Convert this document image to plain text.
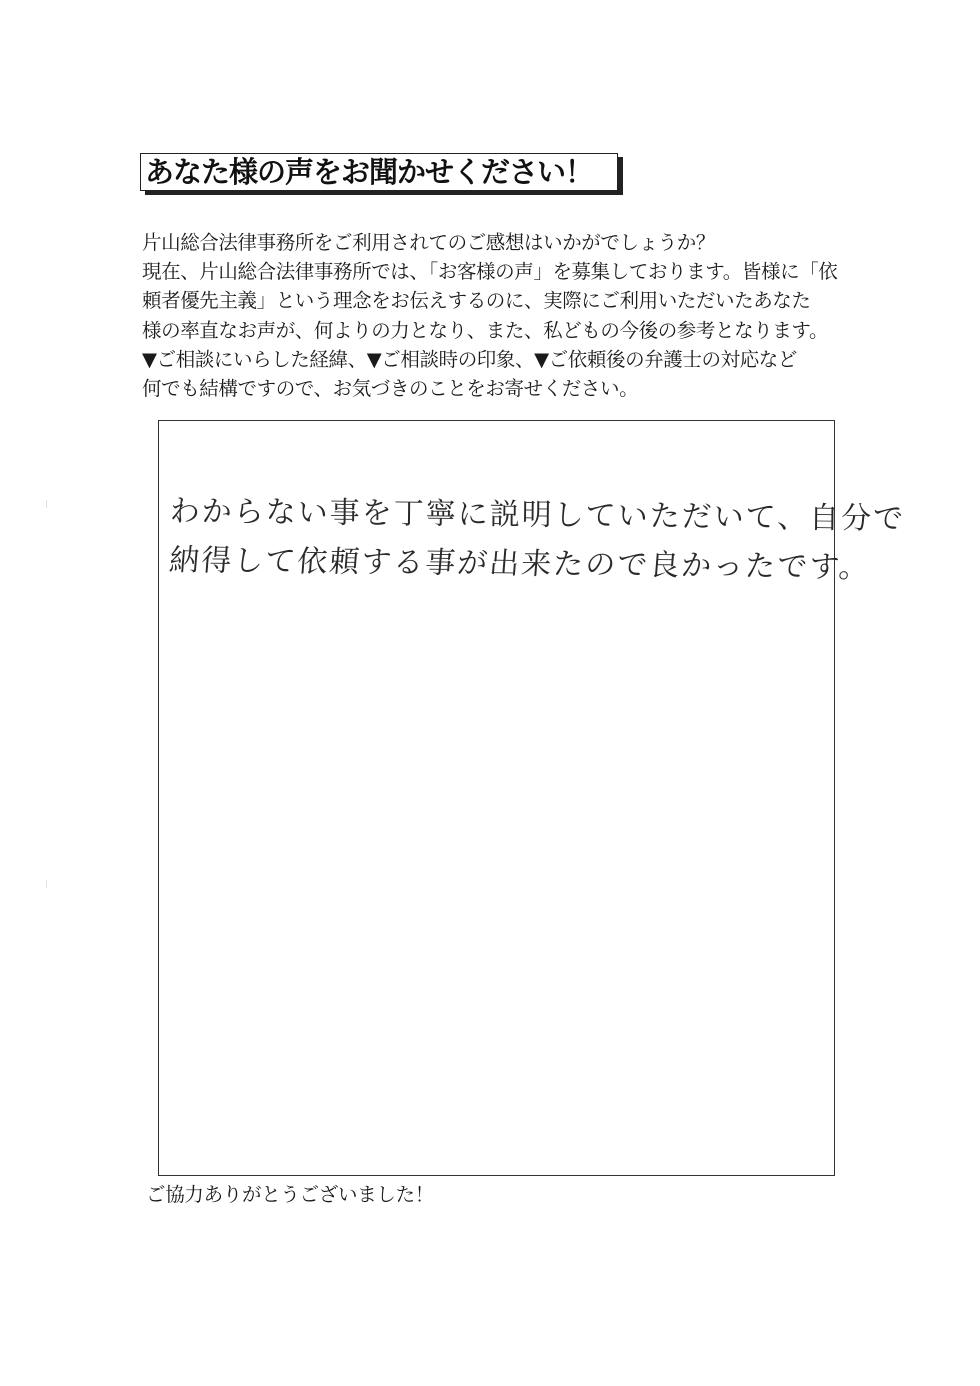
あなた様の声をお聞かせください！
片山総合法律事務所をご利用されてのご感想はいかがでしょうか？
現在、片山総合法律事務所では、「お客様の声」を募集しております。皆様に「依
頼者優先主義」という理念をお伝えするのに、実際にご利用いただいたあなた
様の率直なお声が、何よりの力となり、また、私どもの今後の参考となります。
▼ご相談にいらした経緯、▼ご相談時の印象、▼ご依頼後の弁護士の対応など
何でも結構ですので、お気づきのことをお寄せください。
わからない事を丁寧に説明していただいて、自分で
納得して依頼する事が出来たので良かったです。
ご協力ありがとうございました！
